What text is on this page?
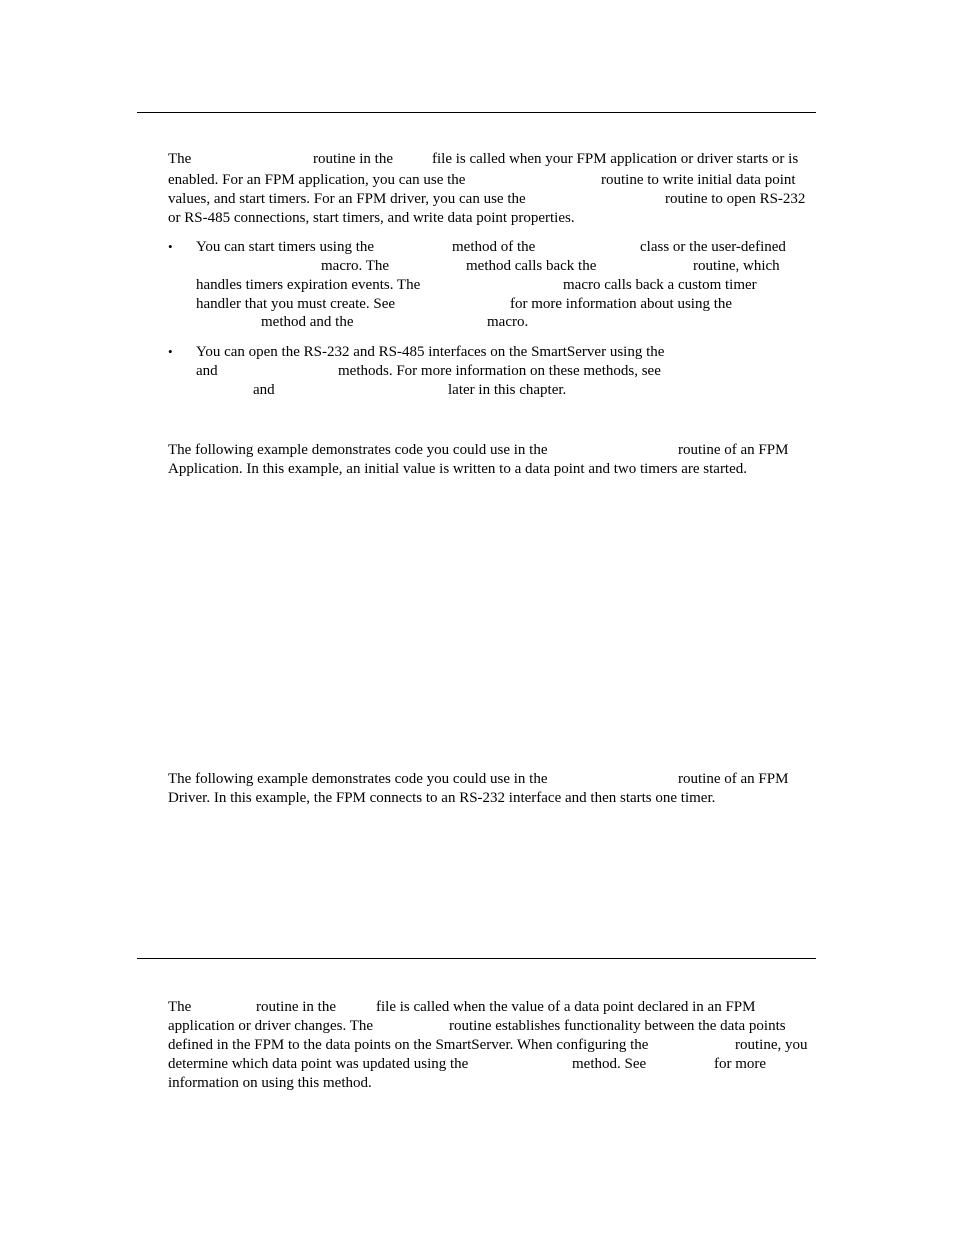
The	routine in the	file is called when your FPM application or driver starts or is
enabled. For an FPM application, you can use the	routine to write initial data point
values, and start timers. For an FPM driver, you can use the	routine to open RS-232
or RS-485 connections, start timers, and write data point properties.
• You can start timers using the	method of the	class or the user-defined
macro. The	method calls back the	routine, which
handles timers expiration events. The	macro calls back a custom timer
handler that you must create. See	for more information about using the
method and the	macro.
• You can open the RS-232 and RS-485 interfaces on the SmartServer using the
and	methods. For more information on these methods, see
and	later in this chapter.
The following example demonstrates code you could use in the	routine of an FPM
Application. In this example, an initial value is written to a data point and two timers are started.
The following example demonstrates code you could use in the	routine of an FPM
Driver. In this example, the FPM connects to an RS-232 interface and then starts one timer.
The	routine in the	file is called when the value of a data point declared in an FPM
application or driver changes. The	routine establishes functionality between the data points
defined in the FPM to the data points on the SmartServer. When configuring the	routine, you
determine which data point was updated using the	method. See	for more
information on using this method.
